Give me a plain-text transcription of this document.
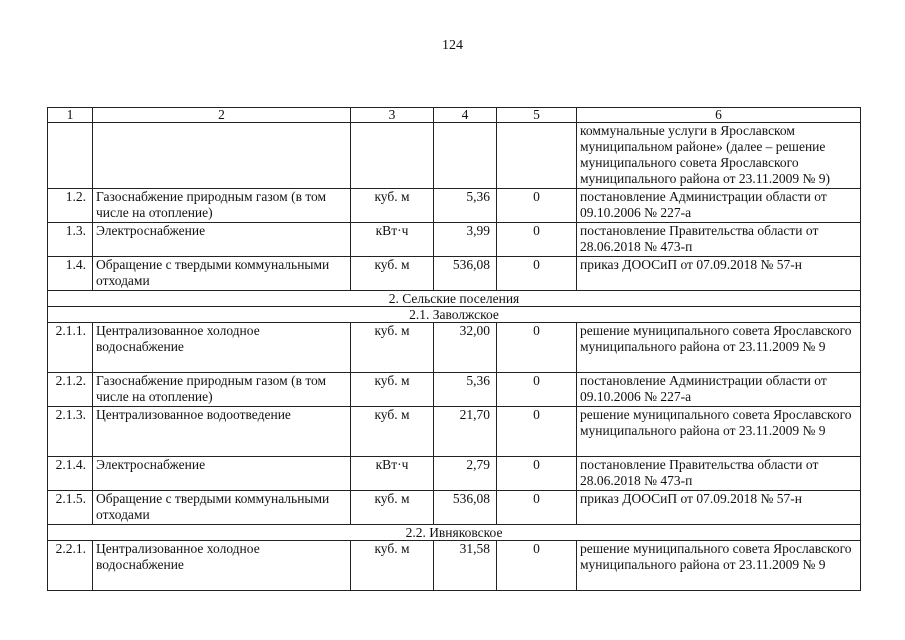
124
1	2	3	4	5	6
					коммунальные услуги в Ярославском муниципальном районе» (далее – решение муниципального совета Ярославского муниципального района от 23.11.2009 № 9)
1.2.	Газоснабжение природным газом (в том числе на отопление)	куб. м	5,36	0	постановление Администрации области от 09.10.2006 № 227-а
1.3.	Электроснабжение	кВт·ч	3,99	0	постановление Правительства области от 28.06.2018 № 473-п
1.4.	Обращение с твердыми коммунальными отходами	куб. м	536,08	0	приказ ДООСиП от 07.09.2018 № 57-н
2. Сельские поселения					
2.1. Заволжское					
2.1.1.	Централизованное холодное водоснабжение	куб. м	32,00	0	решение муниципального совета Ярославского муниципального района от 23.11.2009 № 9
2.1.2.	Газоснабжение природным газом (в том числе на отопление)	куб. м	5,36	0	постановление Администрации области от 09.10.2006 № 227-а
2.1.3.	Централизованное водоотведение	куб. м	21,70	0	решение муниципального совета Ярославского муниципального района от 23.11.2009 № 9
2.1.4.	Электроснабжение	кВт·ч	2,79	0	постановление Правительства области от 28.06.2018 № 473-п
2.1.5.	Обращение с твердыми коммунальными отходами	куб. м	536,08	0	приказ ДООСиП от 07.09.2018 № 57-н
2.2. Ивняковское					
2.2.1.	Централизованное холодное водоснабжение	куб. м	31,58	0	решение муниципального совета Ярославского муниципального района от 23.11.2009 № 9
